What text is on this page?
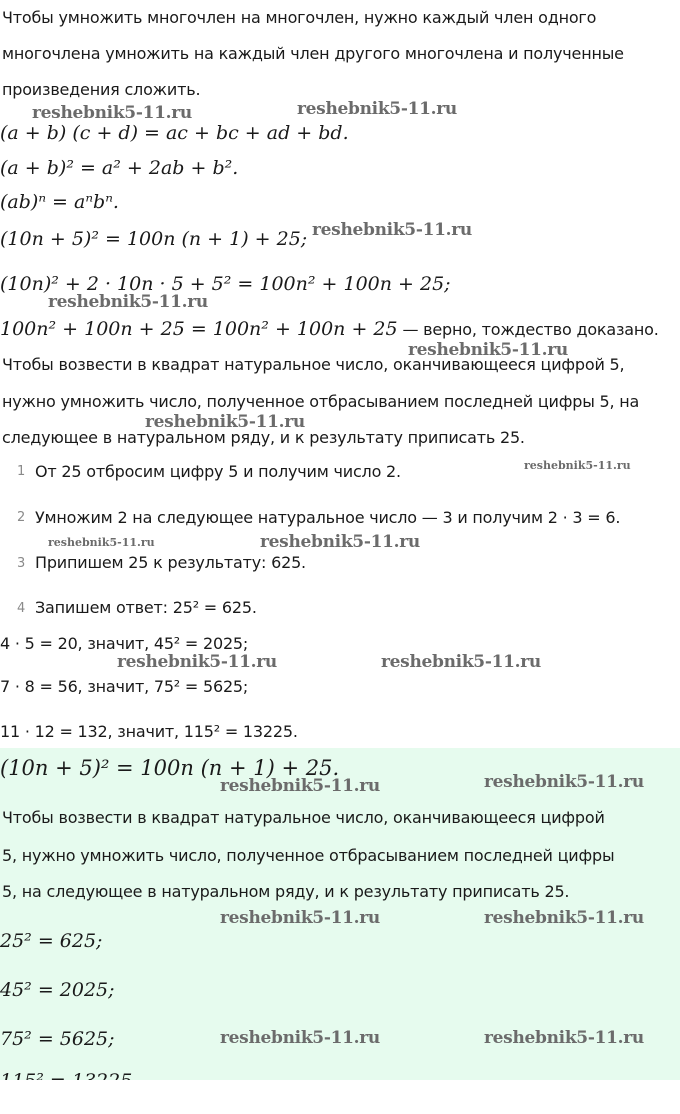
Чтобы умножить многочлен на многочлен, нужно каждый член одного
многочлена умножить на каждый член другого многочлена и полученные
произведения сложить.
reshebnik5-11.ru	reshebnik5-11.ru
(a + b) (c + d) = ac + bc + ad + bd.
(a + b)² = a² + 2ab + b².
(ab)ⁿ = aⁿbⁿ.
(10n + 5)² = 100n (n + 1) + 25; reshebnik5-11.ru
(10n)² + 2 · 10n · 5 + 5² = 100n² + 100n + 25;
reshebnik5-11.ru
100n² + 100n + 25 = 100n² + 100n + 25 — верно, тождество доказано.
reshebnik5-11.ru
Чтобы возвести в квадрат натуральное число, оканчивающееся цифрой 5,
нужно умножить число, полученное отбрасыванием последней цифры 5, на
reshebnik5-11.ru
следующее в натуральном ряду, и к результату приписать 25.
1 От 25 отбросим цифру 5 и получим число 2.	reshebnik5-11.ru
2 Умножим 2 на следующее натуральное число — 3 и получим 2 · 3 = 6.
reshebnik5-11.ru	reshebnik5-11.ru
3 Припишем 25 к результату: 625.
4 Запишем ответ: 25² = 625.
4 · 5 = 20, значит, 45² = 2025;
reshebnik5-11.ru	reshebnik5-11.ru
7 · 8 = 56, значит, 75² = 5625;
11 · 12 = 132, значит, 115² = 13225.
(10n + 5)² = 100n (n + 1) + 25.
reshebnik5-11.ru	reshebnik5-11.ru
Чтобы возвести в квадрат натуральное число, оканчивающееся цифрой
5, нужно умножить число, полученное отбрасыванием последней цифры
5, на следующее в натуральном ряду, и к результату приписать 25.
reshebnik5-11.ru	reshebnik5-11.ru
25² = 625;
45² = 2025;
75² = 5625;	reshebnik5-11.ru	reshebnik5-11.ru
